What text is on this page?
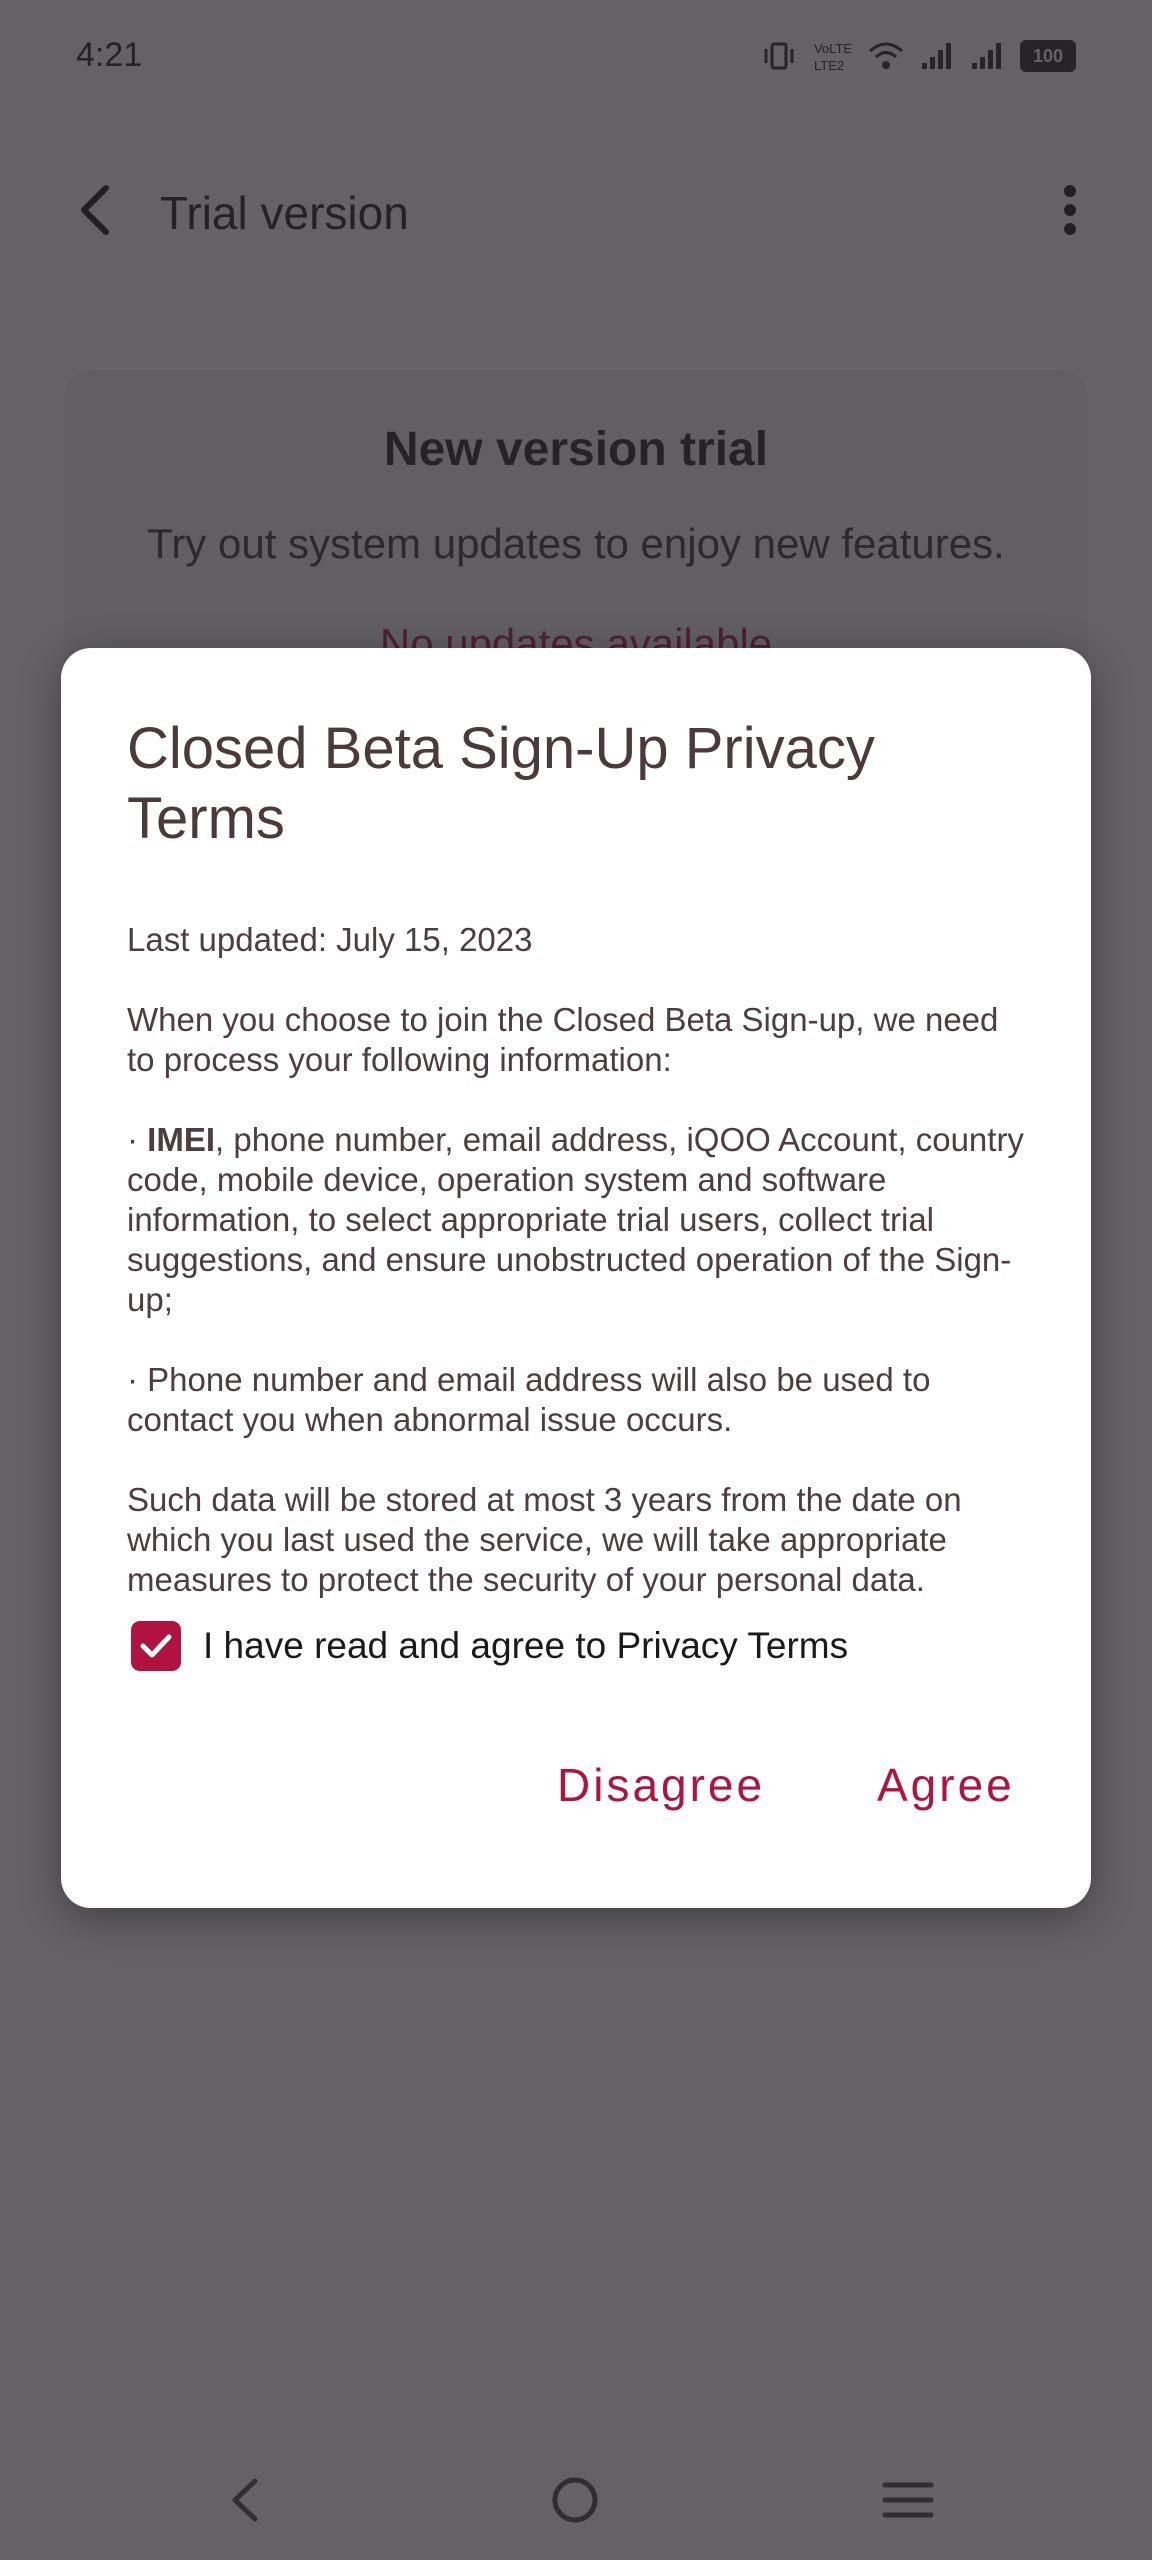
Closed Beta Sign-Up Privacy Terms

Last updated: July 15, 2023

When you choose to join the Closed Beta Sign-up, we need to process your following information:

· IMEI, phone number, email address, iQOO Account, country code, mobile device, operation system and software information, to select appropriate trial users, collect trial suggestions, and ensure unobstructed operation of the Sign-up;

· Phone number and email address will also be used to contact you when abnormal issue occurs.

Such data will be stored at most 3 years from the date on which you last used the service, we will take appropriate measures to protect the security of your personal data.

I have read and agree to Privacy Terms
Disagree Agree
